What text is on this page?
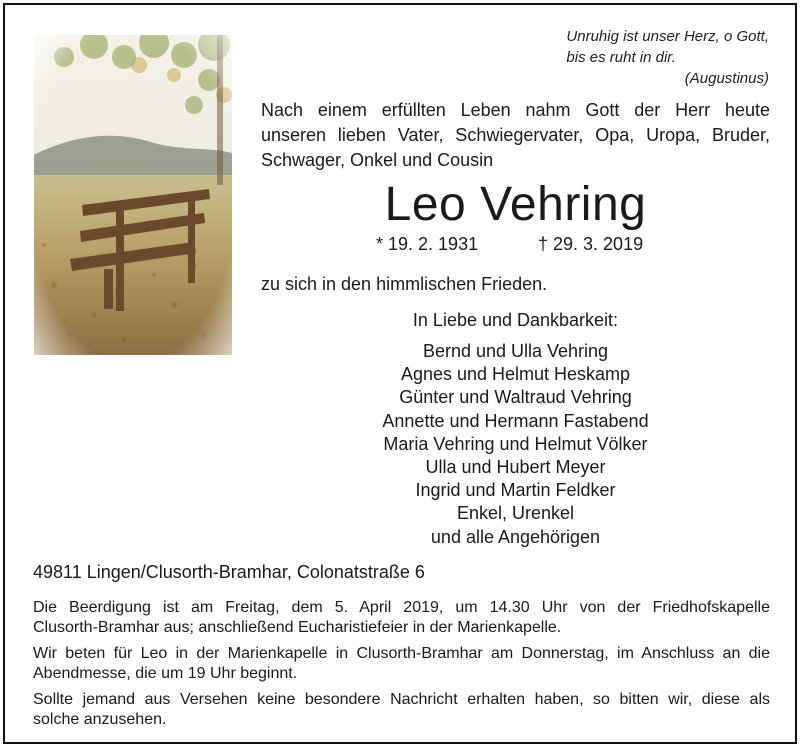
Unruhig ist unser Herz, o Gott,
bis es ruht in dir.
(Augustinus)
Nach einem erfüllten Leben nahm Gott der Herr heute
unseren lieben Vater, Schwiegervater, Opa, Uropa, Bruder,
Schwager, Onkel und Cousin
Leo Vehring
* 19. 2. 1931	† 29. 3. 2019
zu sich in den himmlischen Frieden.
In Liebe und Dankbarkeit:
Bernd und Ulla Vehring
Agnes und Helmut Heskamp
Günter und Waltraud Vehring
Annette und Hermann Fastabend
Maria Vehring und Helmut Völker
Ulla und Hubert Meyer
Ingrid und Martin Feldker
Enkel, Urenkel
und alle Angehörigen
49811 Lingen/Clusorth-Bramhar, Colonatstraße 6

Die Beerdigung ist am Freitag, dem 5. April 2019, um 14.30 Uhr von der Friedhofskapelle
Clusorth-Bramhar aus; anschließend Eucharistiefeier in der Marienkapelle.

Wir beten für Leo in der Marienkapelle in Clusorth-Bramhar am Donnerstag, im Anschluss an die
Abendmesse, die um 19 Uhr beginnt.

Sollte jemand aus Versehen keine besondere Nachricht erhalten haben, so bitten wir, diese als
solche anzusehen.
